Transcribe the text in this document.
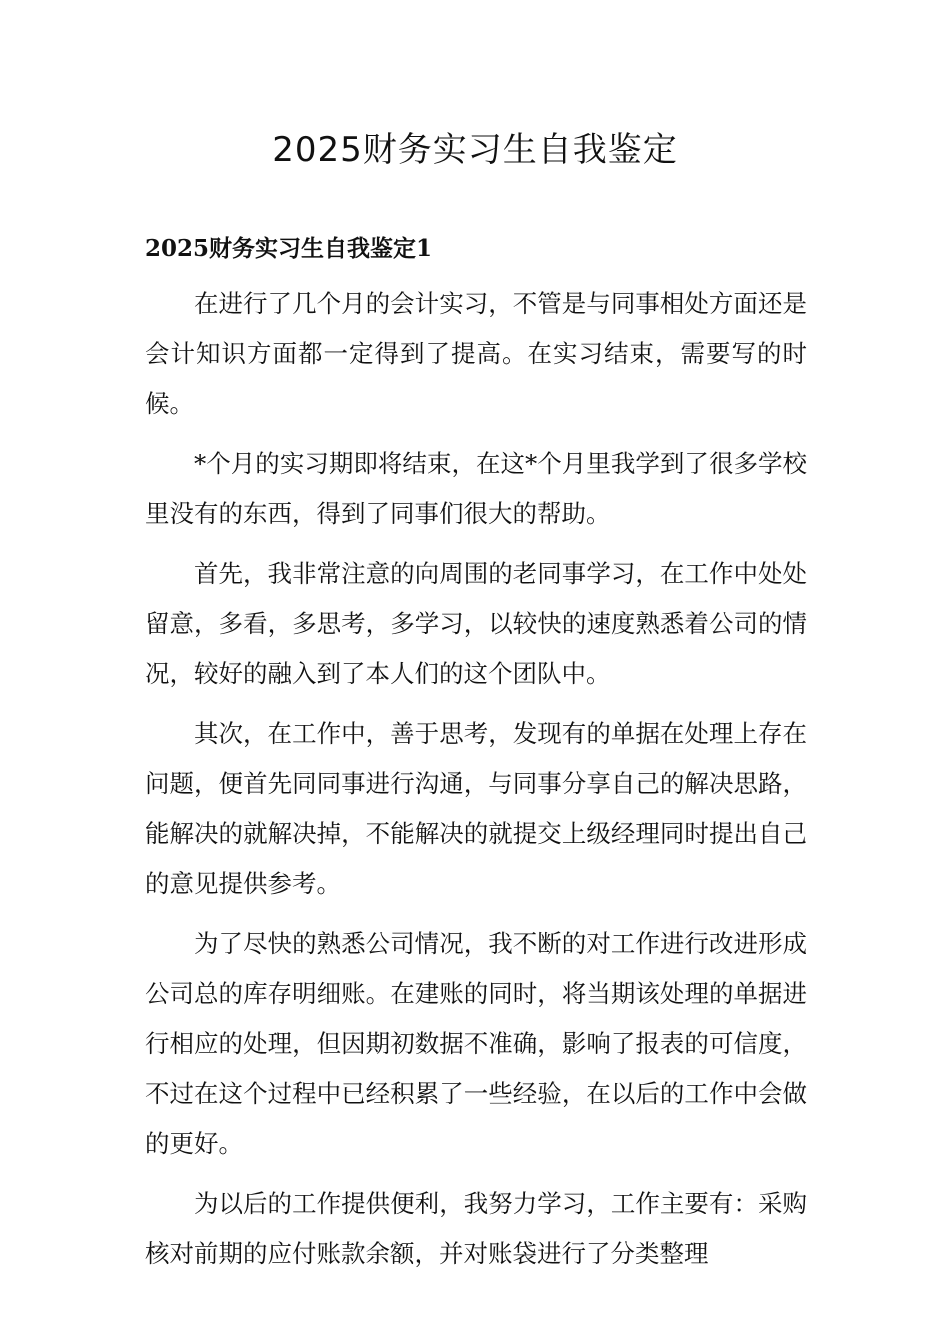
2025财务实习生自我鉴定
2025财务实习生自我鉴定1

在进行了几个月的会计实习，不管是与同事相处方面还是会计知识方面都一定得到了提高。在实习结束，需要写的时候。

*个月的实习期即将结束，在这*个月里我学到了很多学校里没有的东西，得到了同事们很大的帮助。

首先，我非常注意的向周围的老同事学习，在工作中处处留意，多看，多思考，多学习，以较快的速度熟悉着公司的情况，较好的融入到了本人们的这个团队中。

其次，在工作中，善于思考，发现有的单据在处理上存在问题，便首先同同事进行沟通，与同事分享自己的解决思路，能解决的就解决掉，不能解决的就提交上级经理同时提出自己的意见提供参考。

为了尽快的熟悉公司情况，我不断的对工作进行改进形成公司总的库存明细账。在建账的同时，将当期该处理的单据进行相应的处理，但因期初数据不准确，影响了报表的可信度，不过在这个过程中已经积累了一些经验，在以后的工作中会做的更好。

为以后的工作提供便利，我努力学习，工作主要有：采购核对前期的应付账款余额，并对账袋进行了分类整理
